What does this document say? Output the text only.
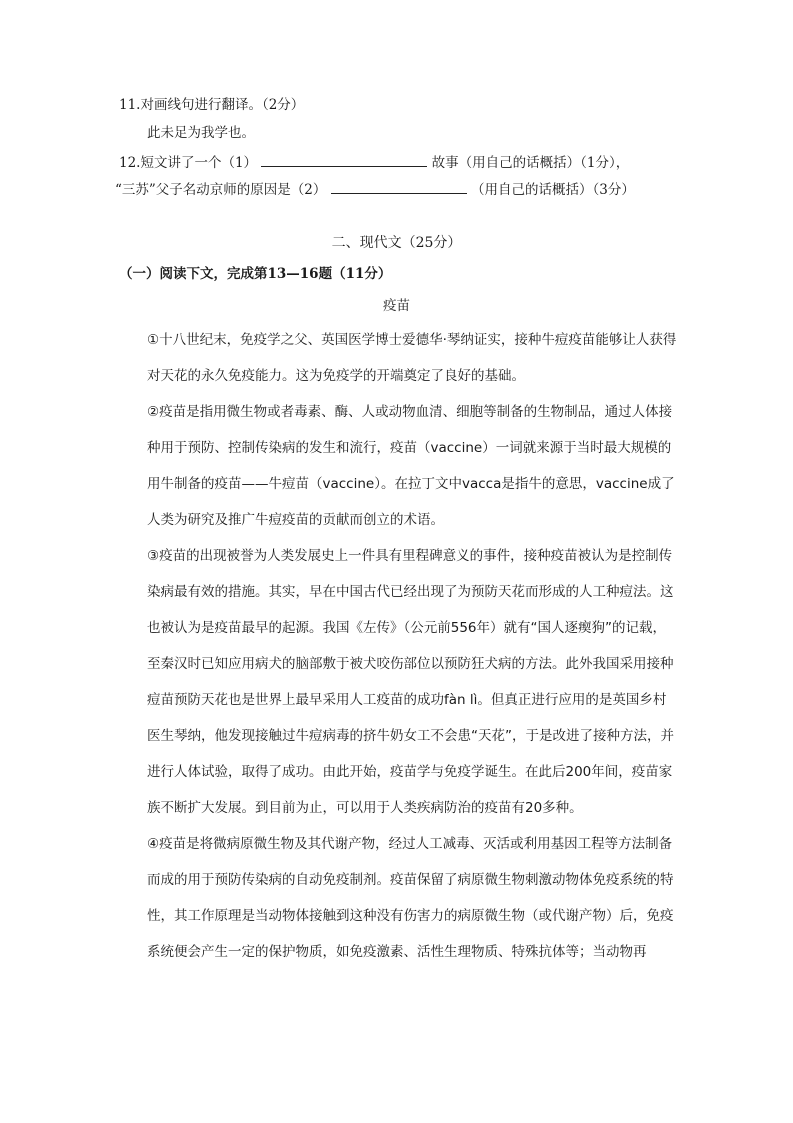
11.对画线句进行翻译。（2分）
此未足为我学也。
12.短文讲了一个（1）	故事（用自己的话概括）（1分），
“三苏”父子名动京师的原因是（2）	（用自己的话概括）（3分）
二、现代文（25分）
（一）阅读下文，完成第13—16题（11分）
疫苗

①十八世纪末，免疫学之父、英国医学博士爱德华·琴纳证实，接种牛痘疫苗能够让人获得对天花的永久免疫能力。这为免疫学的开端奠定了良好的基础。

②疫苗是指用微生物或者毒素、酶、人或动物血清、细胞等制备的生物制品，通过人体接种用于预防、控制传染病的发生和流行，疫苗（vaccine）一词就来源于当时最大规模的用牛制备的疫苗——牛痘苗（vaccine）。在拉丁文中vacca是指牛的意思，vaccine成了人类为研究及推广牛痘疫苗的贡献而创立的术语。

③疫苗的出现被誉为人类发展史上一件具有里程碑意义的事件，接种疫苗被认为是控制传染病最有效的措施。其实，早在中国古代已经出现了为预防天花而形成的人工种痘法。这也被认为是疫苗最早的起源。我国《左传》（公元前556年）就有“国人逐瘈狗”的记载，至秦汉时已知应用病犬的脑部敷于被犬咬伤部位以预防狂犬病的方法。此外我国采用接种痘苗预防天花也是世界上最早采用人工疫苗的成功fàn lì。但真正进行应用的是英国乡村医生琴纳，他发现接触过牛痘病毒的挤牛奶女工不会患“天花”，于是改进了接种方法，并进行人体试验，取得了成功。由此开始，疫苗学与免疫学诞生。在此后200年间，疫苗家族不断扩大发展。到目前为止，可以用于人类疾病防治的疫苗有20多种。

④疫苗是将微病原微生物及其代谢产物，经过人工减毒、灭活或利用基因工程等方法制备而成的用于预防传染病的自动免疫制剂。疫苗保留了病原微生物刺激动物体免疫系统的特性，其工作原理是当动物体接触到这种没有伤害力的病原微生物（或代谢产物）后，免疫系统便会产生一定的保护物质，如免疫激素、活性生理物质、特殊抗体等；当动物再
